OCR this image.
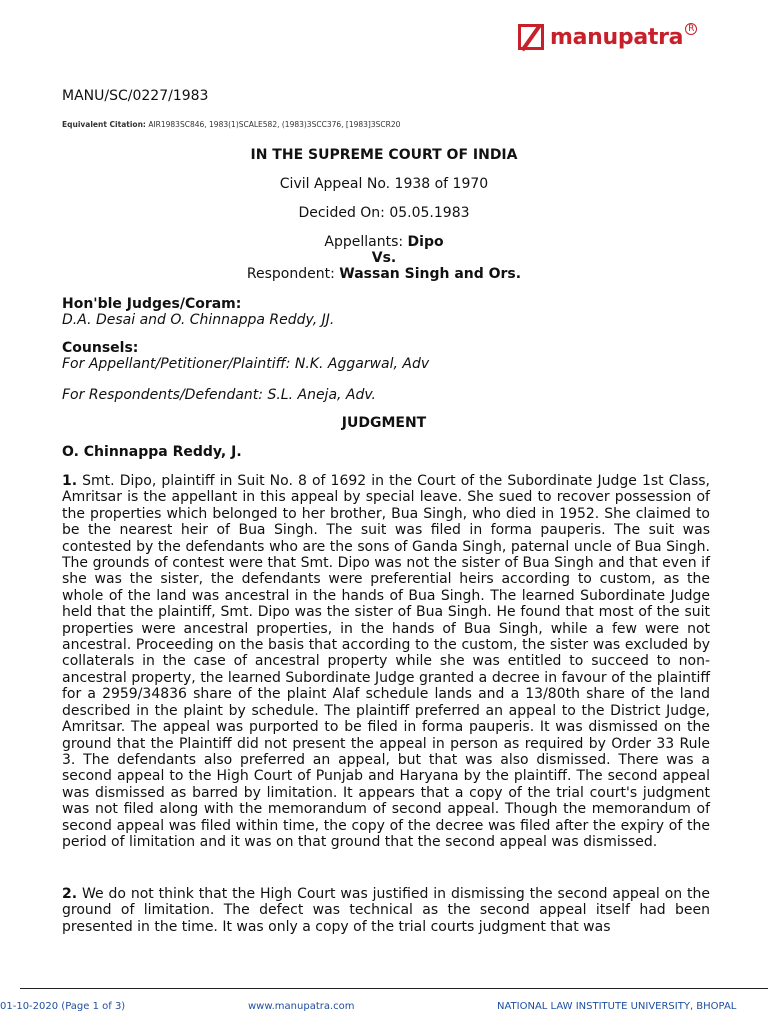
manupatra R
MANU/SC/0227/1983
Equivalent Citation: AIR1983SC846, 1983(1)SCALE582, (1983)3SCC376, [1983]3SCR20
IN THE SUPREME COURT OF INDIA
Civil Appeal No. 1938 of 1970
Decided On: 05.05.1983
Appellants: Dipo
Vs.
Respondent: Wassan Singh and Ors.
Hon'ble Judges/Coram:
D.A. Desai and O. Chinnappa Reddy, JJ.
Counsels:
For Appellant/Petitioner/Plaintiff: N.K. Aggarwal, Adv
For Respondents/Defendant: S.L. Aneja, Adv.
JUDGMENT
O. Chinnappa Reddy, J.
1. Smt. Dipo, plaintiff in Suit No. 8 of 1692 in the Court of the Subordinate Judge 1st Class, Amritsar is the appellant in this appeal by special leave. She sued to recover possession of the properties which belonged to her brother, Bua Singh, who died in 1952. She claimed to be the nearest heir of Bua Singh. The suit was filed in forma pauperis. The suit was contested by the defendants who are the sons of Ganda Singh, paternal uncle of Bua Singh. The grounds of contest were that Smt. Dipo was not the sister of Bua Singh and that even if she was the sister, the defendants were preferential heirs according to custom, as the whole of the land was ancestral in the hands of Bua Singh. The learned Subordinate Judge held that the plaintiff, Smt. Dipo was the sister of Bua Singh. He found that most of the suit properties were ancestral properties, in the hands of Bua Singh, while a few were not ancestral. Proceeding on the basis that according to the custom, the sister was excluded by collaterals in the case of ancestral property while she was entitled to succeed to non-ancestral property, the learned Subordinate Judge granted a decree in favour of the plaintiff for a 2959/34836 share of the plaint Alaf schedule lands and a 13/80th share of the land described in the plaint by schedule. The plaintiff preferred an appeal to the District Judge, Amritsar. The appeal was purported to be filed in forma pauperis. It was dismissed on the ground that the Plaintiff did not present the appeal in person as required by Order 33 Rule 3. The defendants also preferred an appeal, but that was also dismissed. There was a second appeal to the High Court of Punjab and Haryana by the plaintiff. The second appeal was dismissed as barred by limitation. It appears that a copy of the trial court's judgment was not filed along with the memorandum of second appeal. Though the memorandum of second appeal was filed within time, the copy of the decree was filed after the expiry of the period of limitation and it was on that ground that the second appeal was dismissed.
2. We do not think that the High Court was justified in dismissing the second appeal on the ground of limitation. The defect was technical as the second appeal itself had been presented in the time. It was only a copy of the trial courts judgment that was
01-10-2020 (Page 1 of 3)	www.manupatra.com	NATIONAL LAW INSTITUTE UNIVERSITY, BHOPAL
